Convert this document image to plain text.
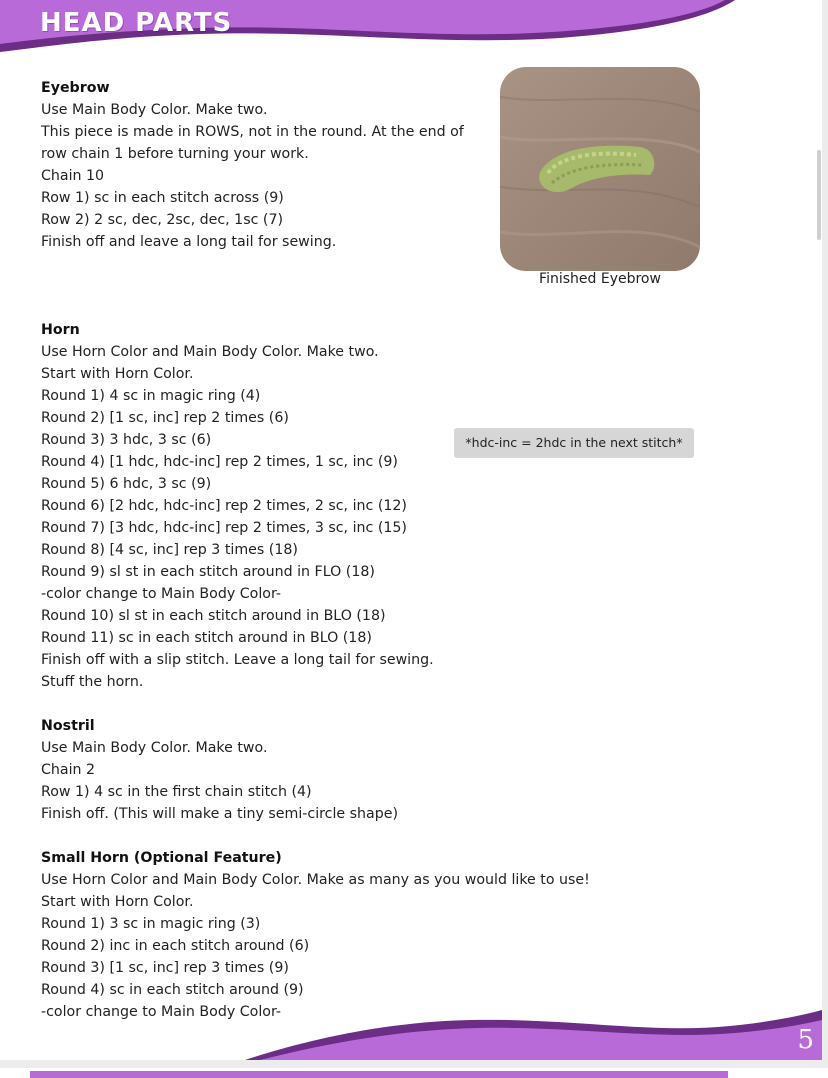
HEAD PARTS
Finished Eyebrow
*hdc-inc = 2hdc in the next stitch*
Eyebrow
Use Main Body Color. Make two.
This piece is made in ROWS, not in the round. At the end of
row chain 1 before turning your work.
Chain 10
Row 1) sc in each stitch across (9)
Row 2) 2 sc, dec, 2sc, dec, 1sc (7)
Finish off and leave a long tail for sewing.
Horn
Use Horn Color and Main Body Color. Make two.
Start with Horn Color.
Round 1) 4 sc in magic ring (4)
Round 2) [1 sc, inc] rep 2 times (6)
Round 3) 3 hdc, 3 sc (6)
Round 4) [1 hdc, hdc-inc] rep 2 times, 1 sc, inc (9)
Round 5) 6 hdc, 3 sc (9)
Round 6) [2 hdc, hdc-inc] rep 2 times, 2 sc, inc (12)
Round 7) [3 hdc, hdc-inc] rep 2 times, 3 sc, inc (15)
Round 8) [4 sc, inc] rep 3 times (18)
Round 9) sl st in each stitch around in FLO (18)
-color change to Main Body Color-
Round 10) sl st in each stitch around in BLO (18)
Round 11) sc in each stitch around in BLO (18)
Finish off with a slip stitch. Leave a long tail for sewing.
Stuff the horn.
Nostril
Use Main Body Color. Make two.
Chain 2
Row 1) 4 sc in the first chain stitch (4)
Finish off. (This will make a tiny semi-circle shape)
Small Horn (Optional Feature)
Use Horn Color and Main Body Color. Make as many as you would like to use!
Start with Horn Color.
Round 1) 3 sc in magic ring (3)
Round 2) inc in each stitch around (6)
Round 3) [1 sc, inc] rep 3 times (9)
Round 4) sc in each stitch around (9)
-color change to Main Body Color-
5
